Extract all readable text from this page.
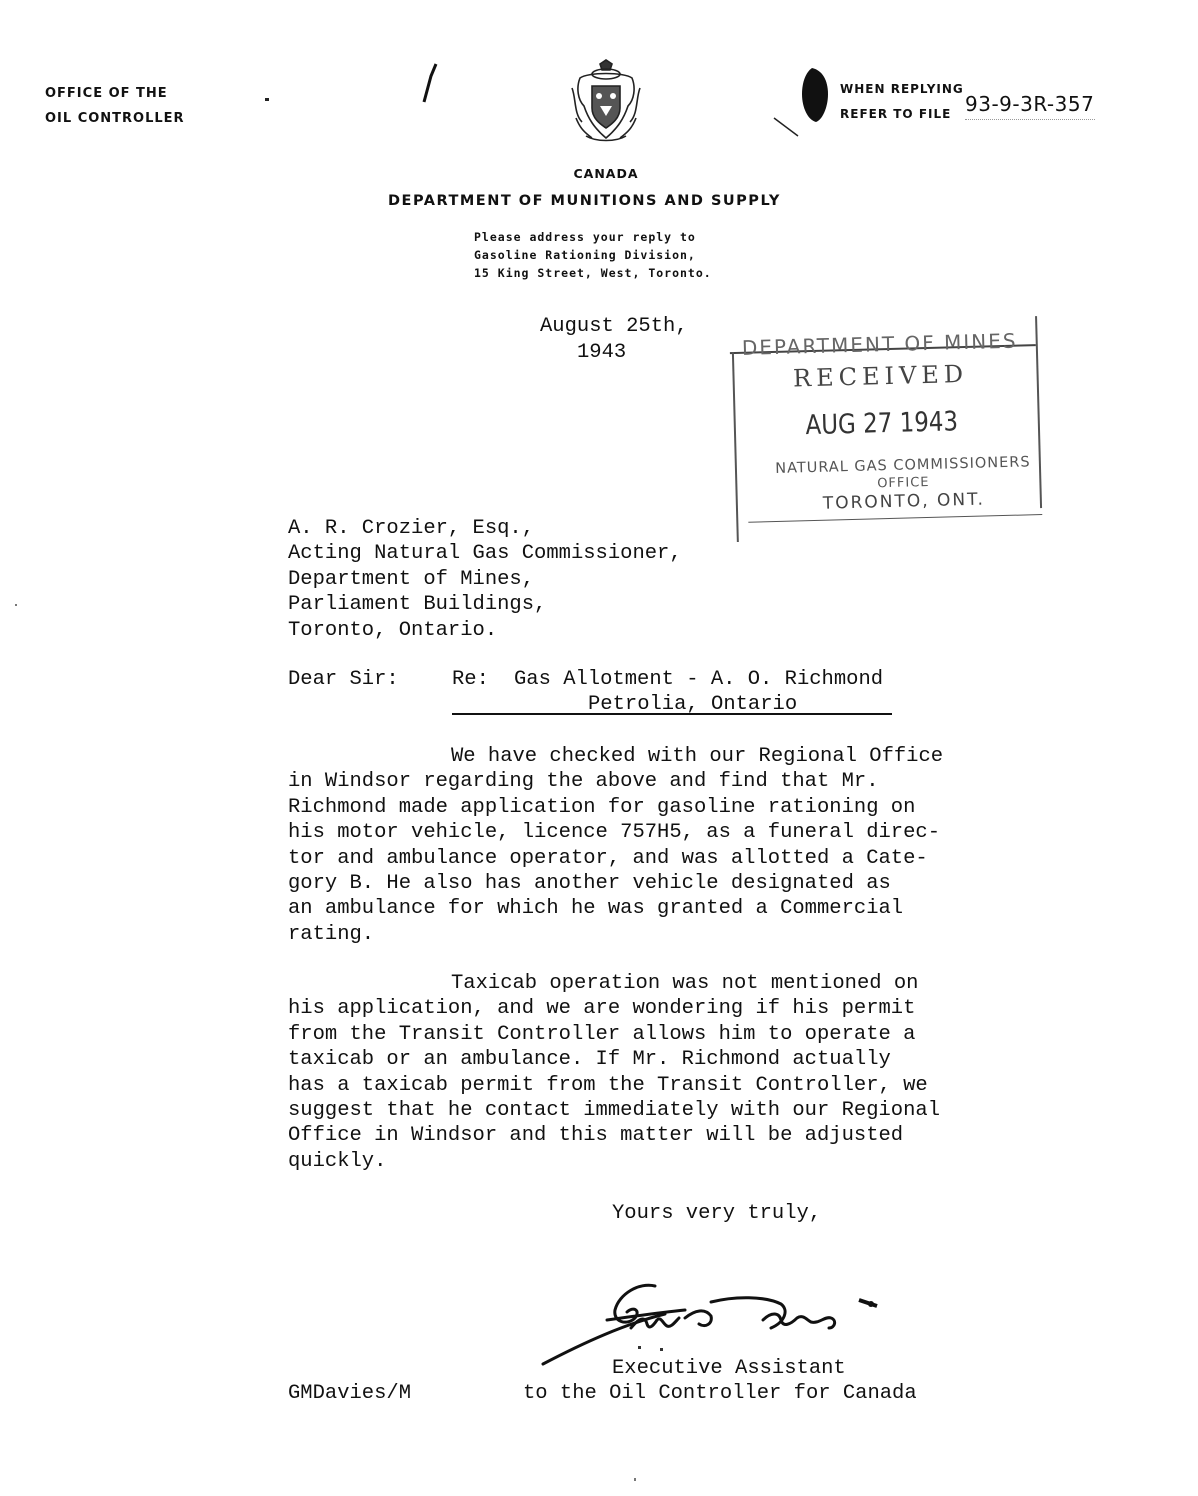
OFFICE OF THE
OIL CONTROLLER
WHEN REPLYING
REFER TO FILE 93-9-3R-357
CANADA
DEPARTMENT OF MUNITIONS AND SUPPLY
Please address your reply to
Gasoline Rationing Division,
15 King Street, West, Toronto.
August 25th,
1943	DEPARTMENT OF MINES
RECEIVED
AUG 27 1943
NATURAL GAS COMMISSIONERS
OFFICE
TORONTO, ONT.
A. R. Crozier, Esq.,
Acting Natural Gas Commissioner,
Department of Mines,
Parliament Buildings,
Toronto, Ontario.
Dear Sir:	Re: Gas Allotment - A. O. Richmond
Petrolia, Ontario
We have checked with our Regional Office
in Windsor regarding the above and find that Mr.
Richmond made application for gasoline rationing on
his motor vehicle, licence 757H5, as a funeral direc-
tor and ambulance operator, and was allotted a Cate-
gory B. He also has another vehicle designated as
an ambulance for which he was granted a Commercial
rating.
Taxicab operation was not mentioned on
his application, and we are wondering if his permit
from the Transit Controller allows him to operate a
taxicab or an ambulance. If Mr. Richmond actually
has a taxicab permit from the Transit Controller, we
suggest that he contact immediately with our Regional
Office in Windsor and this matter will be adjusted
quickly.
Yours very truly,
Executive Assistant
to the Oil Controller for Canada
GMDavies/M
